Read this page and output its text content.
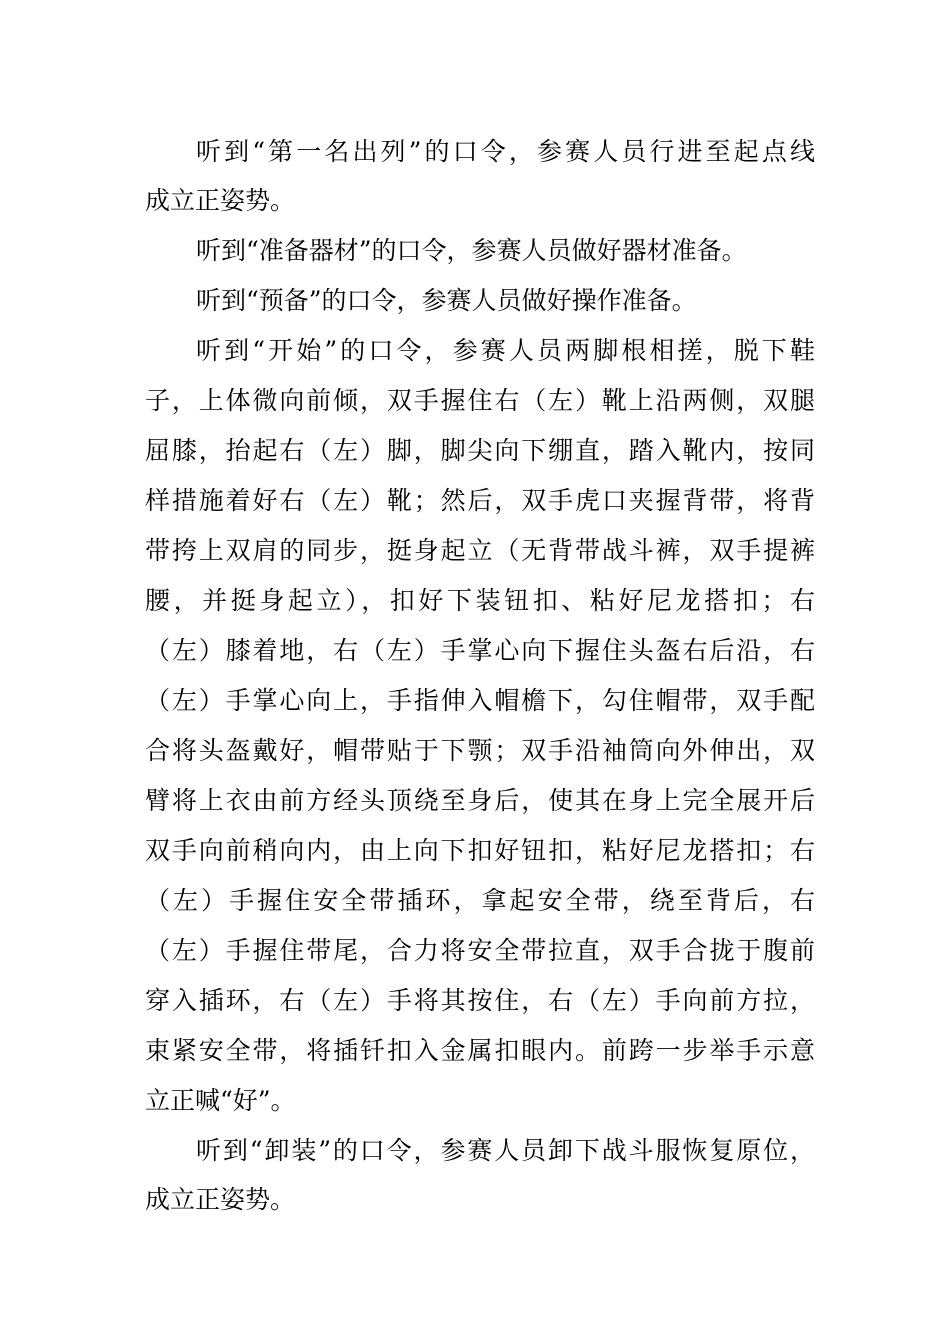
听到“第一名出列”的口令，参赛人员行进至起点线
成立正姿势。
听到“准备器材”的口令，参赛人员做好器材准备。
听到“预备”的口令，参赛人员做好操作准备。
听到“开始”的口令，参赛人员两脚根相搓，脱下鞋
子，上体微向前倾，双手握住右（左）靴上沿两侧，双腿
屈膝，抬起右（左）脚，脚尖向下绷直，踏入靴内，按同
样措施着好右（左）靴；然后，双手虎口夹握背带，将背
带挎上双肩的同步，挺身起立（无背带战斗裤，双手提裤
腰，并挺身起立），扣好下装钮扣、粘好尼龙搭扣；右
（左）膝着地，右（左）手掌心向下握住头盔右后沿，右
（左）手掌心向上，手指伸入帽檐下，勾住帽带，双手配
合将头盔戴好，帽带贴于下颚；双手沿袖筒向外伸出，双
臂将上衣由前方经头顶绕至身后，使其在身上完全展开后
双手向前稍向内，由上向下扣好钮扣，粘好尼龙搭扣；右
（左）手握住安全带插环，拿起安全带，绕至背后，右
（左）手握住带尾，合力将安全带拉直，双手合拢于腹前
穿入插环，右（左）手将其按住，右（左）手向前方拉，
束紧安全带，将插钎扣入金属扣眼内。前跨一步举手示意
立正喊“好”。
听到“卸装”的口令，参赛人员卸下战斗服恢复原位，
成立正姿势。
